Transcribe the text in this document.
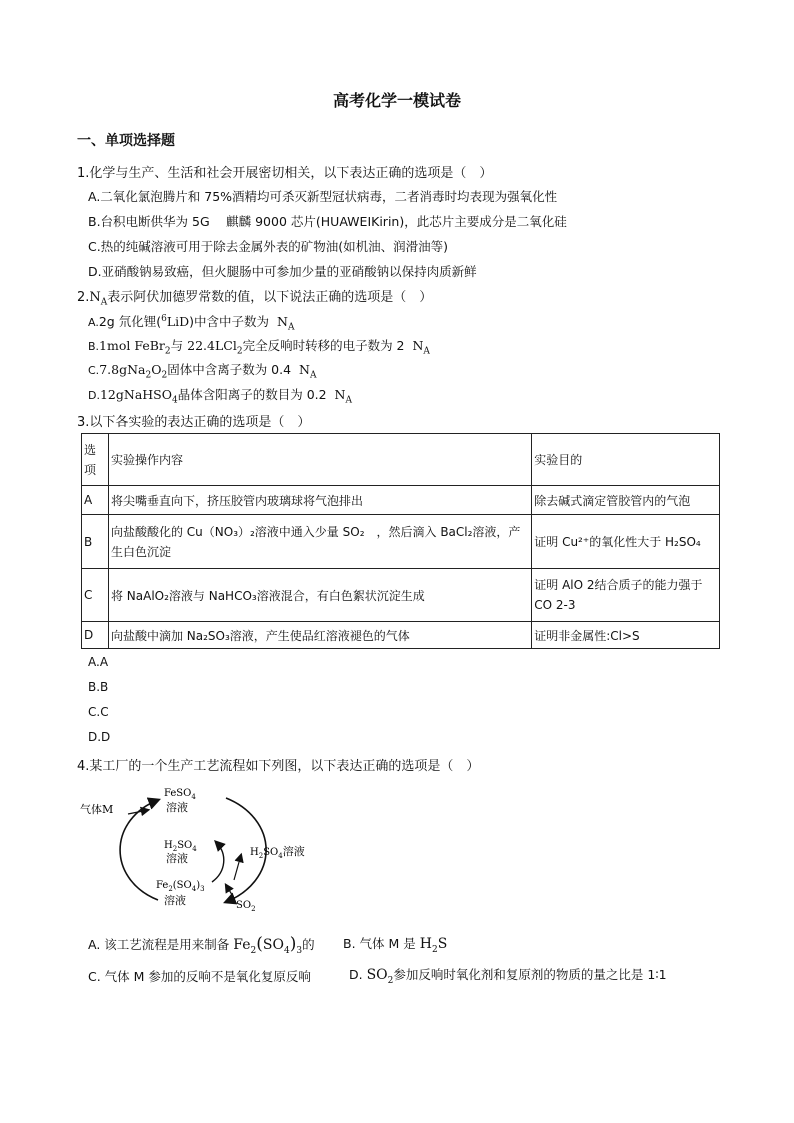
高考化学一模试卷
一、单项选择题
1.化学与生产、生活和社会开展密切相关，以下表达正确的选项是（　）
A.二氧化氯泡腾片和 75%酒精均可杀灭新型冠状病毒，二者消毒时均表现为强氧化性
B.台积电断供华为 5G　 麒麟 9000 芯片(HUAWEIKirin)，此芯片主要成分是二氧化硅
C.热的纯碱溶液可用于除去金属外表的矿物油(如机油、润滑油等)
D.亚硝酸钠易致癌，但火腿肠中可参加少量的亚硝酸钠以保持肉质新鲜
$2.N_A$表示阿伏加德罗常数的值，以下说法正确的选项是（　）
A.2g 氘化锂($^6$LiD)中含中子数为 $N_A$
B.1mol FeBr$_2$与 22.4LCl$_2$完全反响时转移的电子数为 2 $N_A$
$C.7.8gNa_2O_2$固体中含离子数为 0.4 $N_A$
D.12gNaHSO$_4$晶体含阳离子的数目为 0.2 $N_A$
3.以下各实验的表达正确的选项是（　）
选项	实验操作内容	实验目的
A	将尖嘴垂直向下，挤压胶管内玻璃球将气泡排出	除去碱式滴定管胶管内的气泡
B	向盐酸酸化的 Cu（NO₃）₂溶液中通入少量 SO₂　，然后滴入 BaCl₂溶液，产生白色沉淀	证明 Cu²⁺的氧化性大于 H₂SO₄
C	将 NaAlO₂溶液与 NaHCO₃溶液混合，有白色絮状沉淀生成	证明 AlO 2结合质子的能力强于 CO 2-3
D	向盐酸中滴加 Na₂SO₃溶液，产生使品红溶液褪色的气体	证明非金属性:Cl>S
A.A
B.B
C.C
D.D
4.某工厂的一个生产工艺流程如下列图，以下表达正确的选项是（　）
气体M
FeSO$_4$
溶液
$H_2SO_4$
溶液
$Fe_2(SO_4)_3$
溶液
$H_2SO_4$溶液
$SO_2$
A. 该工艺流程是用来制备 $Fe_2(SO_4)_3$的 B. 气体 M 是 $H_2S$
C. 气体 M 参加的反响不是氧化复原反响	D. $SO_2$参加反响时氧化剂和复原剂的物质的量之比是 1∶1
